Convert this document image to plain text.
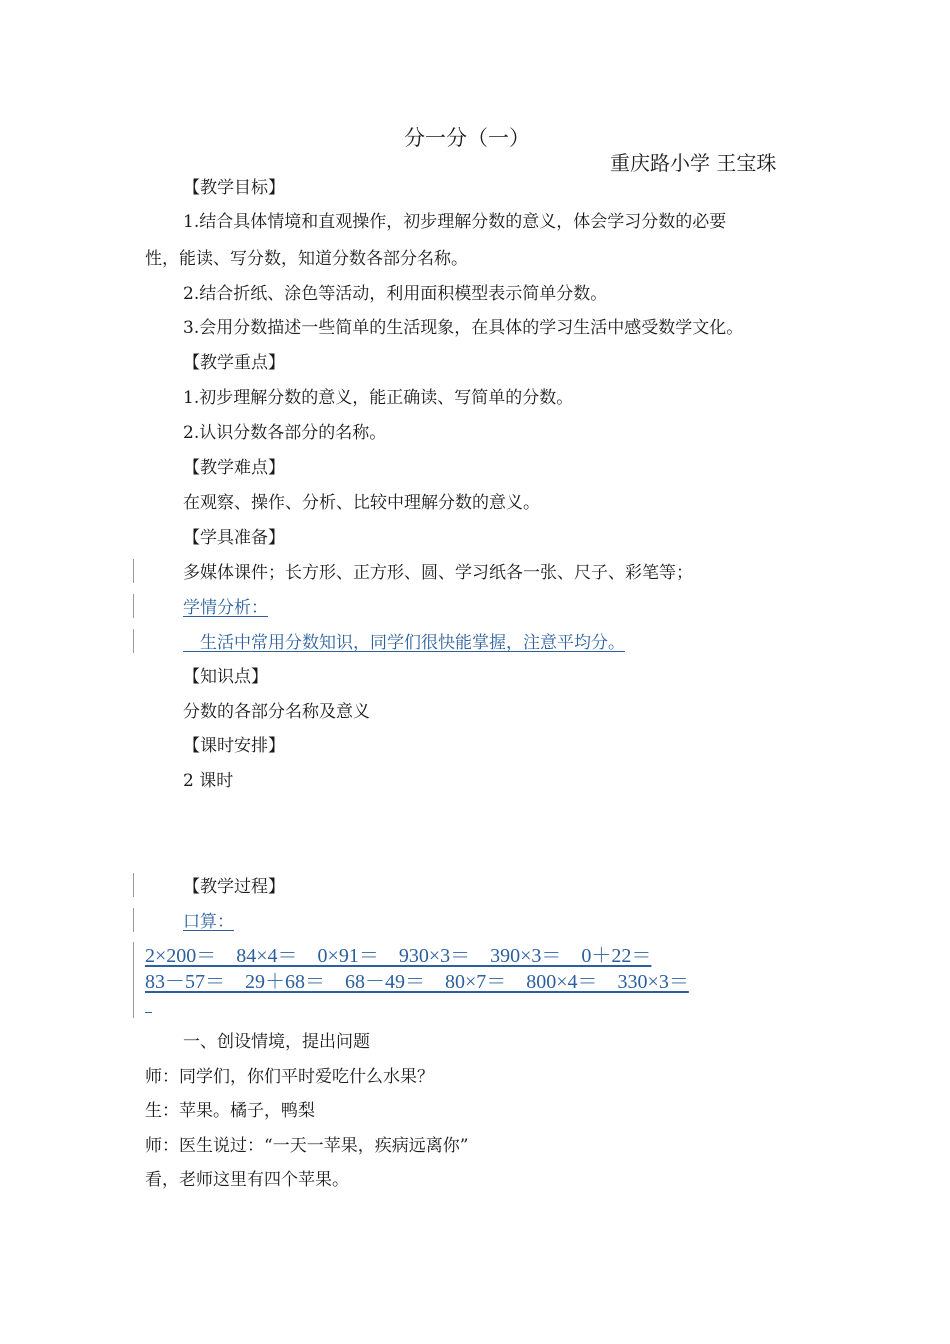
分一分（一）
重庆路小学 王宝珠
【教学目标】
1.结合具体情境和直观操作，初步理解分数的意义，体会学习分数的必要
性，能读、写分数，知道分数各部分名称。
2.结合折纸、涂色等活动，利用面积模型表示简单分数。
3.会用分数描述一些简单的生活现象，在具体的学习生活中感受数学文化。
【教学重点】
1.初步理解分数的意义，能正确读、写简单的分数。
2.认识分数各部分的名称。
【教学难点】
在观察、操作、分析、比较中理解分数的意义。
【学具准备】
多媒体课件；长方形、正方形、圆、学习纸各一张、尺子、彩笔等；
学情分析：
　生活中常用分数知识，同学们很快能掌握，注意平均分。
【知识点】
分数的各部分名称及意义
【课时安排】
2 课时
【教学过程】
口算：
2×200＝　84×4＝　0×91＝　930×3＝　390×3＝　0＋22＝
83－57＝　29＋68＝　68－49＝　80×7＝　800×4＝　330×3＝
一、创设情境，提出问题
师：同学们，你们平时爱吃什么水果？
生：苹果。橘子，鸭梨
师：医生说过：“一天一苹果，疾病远离你”
看，老师这里有四个苹果。
